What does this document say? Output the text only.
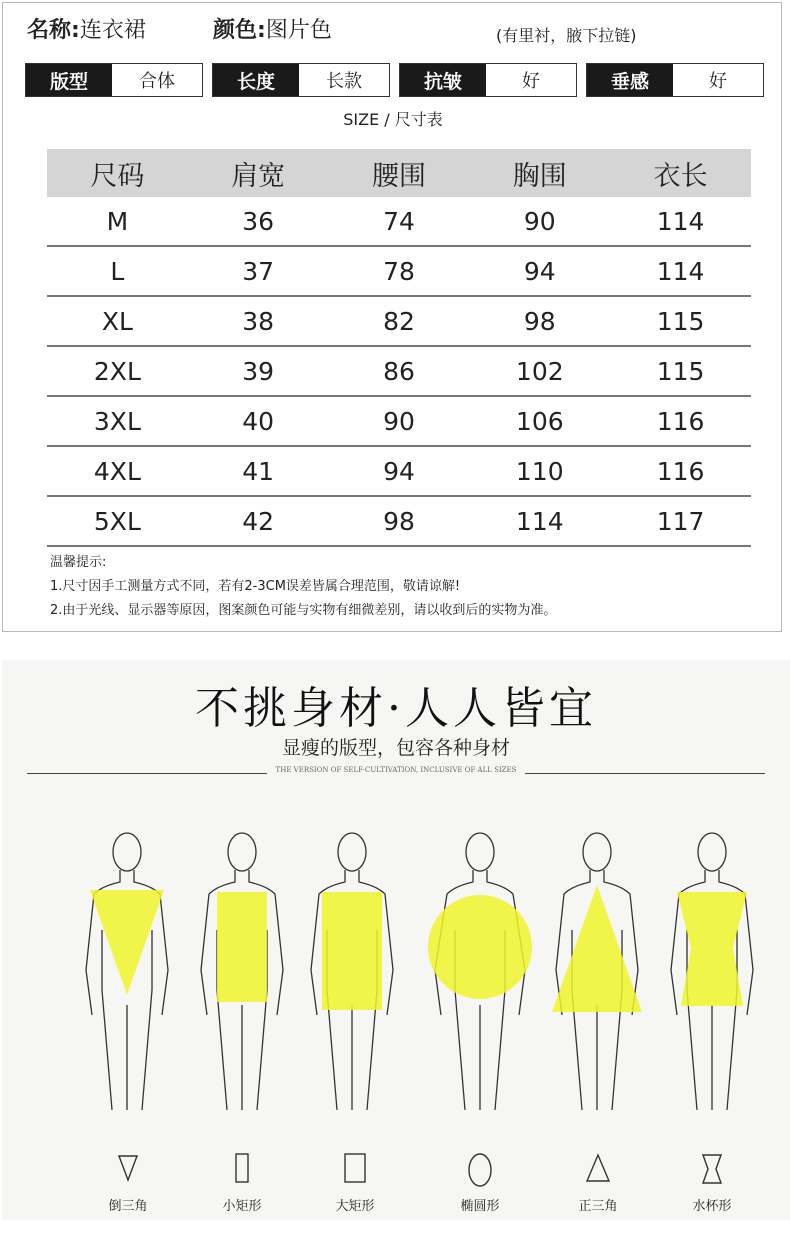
名称:连衣裙	颜色:图片色	(有里衬，腋下拉链)
版型	合体	长度	长款	抗皱	好	垂感	好
SIZE / 尺寸表
尺码	肩宽	腰围	胸围	衣长
M	36	74	90	114
L	37	78	94	114
XL	38	82	98	115
2XL	39	86	102	115
3XL	40	90	106	116
4XL	41	94	110	116
5XL	42	98	114	117
温馨提示:
1.尺寸因手工测量方式不同，若有2-3CM误差皆属合理范围，敬请谅解!
2.由于光线、显示器等原因，图案颜色可能与实物有细微差别，请以收到后的实物为准。
不挑身材·人人皆宜
显瘦的版型，包容各种身材
THE VERSION OF SELF-CULTIVATION, INCLUSIVE OF ALL SIZES
倒三角	小矩形	大矩形	椭圆形	正三角	水杯形
